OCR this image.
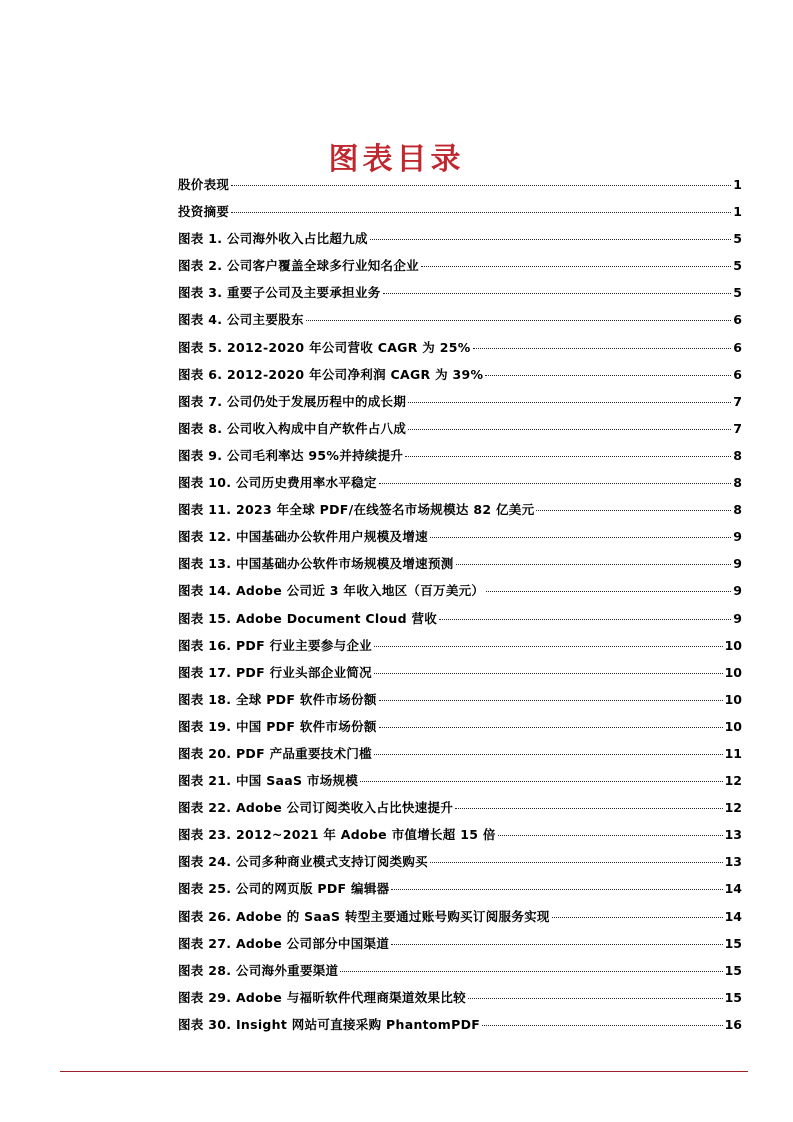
图表目录
股价表现	1
投资摘要	1
图表 1. 公司海外收入占比超九成	5
图表 2. 公司客户覆盖全球多行业知名企业	5
图表 3. 重要子公司及主要承担业务	5
图表 4. 公司主要股东	6
图表 5. 2012-2020 年公司营收 CAGR 为 25%	6
图表 6. 2012-2020 年公司净利润 CAGR 为 39%	6
图表 7. 公司仍处于发展历程中的成长期	7
图表 8. 公司收入构成中自产软件占八成	7
图表 9. 公司毛利率达 95%并持续提升	8
图表 10. 公司历史费用率水平稳定	8
图表 11. 2023 年全球 PDF/在线签名市场规模达 82 亿美元	8
图表 12. 中国基础办公软件用户规模及增速	9
图表 13. 中国基础办公软件市场规模及增速预测	9
图表 14. Adobe 公司近 3 年收入地区（百万美元）	9
图表 15. Adobe Document Cloud 营收	9
图表 16. PDF 行业主要参与企业	10
图表 17. PDF 行业头部企业简况	10
图表 18. 全球 PDF 软件市场份额	10
图表 19. 中国 PDF 软件市场份额	10
图表 20. PDF 产品重要技术门槛	11
图表 21. 中国 SaaS 市场规模	12
图表 22. Adobe 公司订阅类收入占比快速提升	12
图表 23. 2012~2021 年 Adobe 市值增长超 15 倍	13
图表 24. 公司多种商业模式支持订阅类购买	13
图表 25. 公司的网页版 PDF 编辑器	14
图表 26. Adobe 的 SaaS 转型主要通过账号购买订阅服务实现	14
图表 27. Adobe 公司部分中国渠道	15
图表 28. 公司海外重要渠道	15
图表 29. Adobe 与福昕软件代理商渠道效果比较	15
图表 30. Insight 网站可直接采购 PhantomPDF	16
